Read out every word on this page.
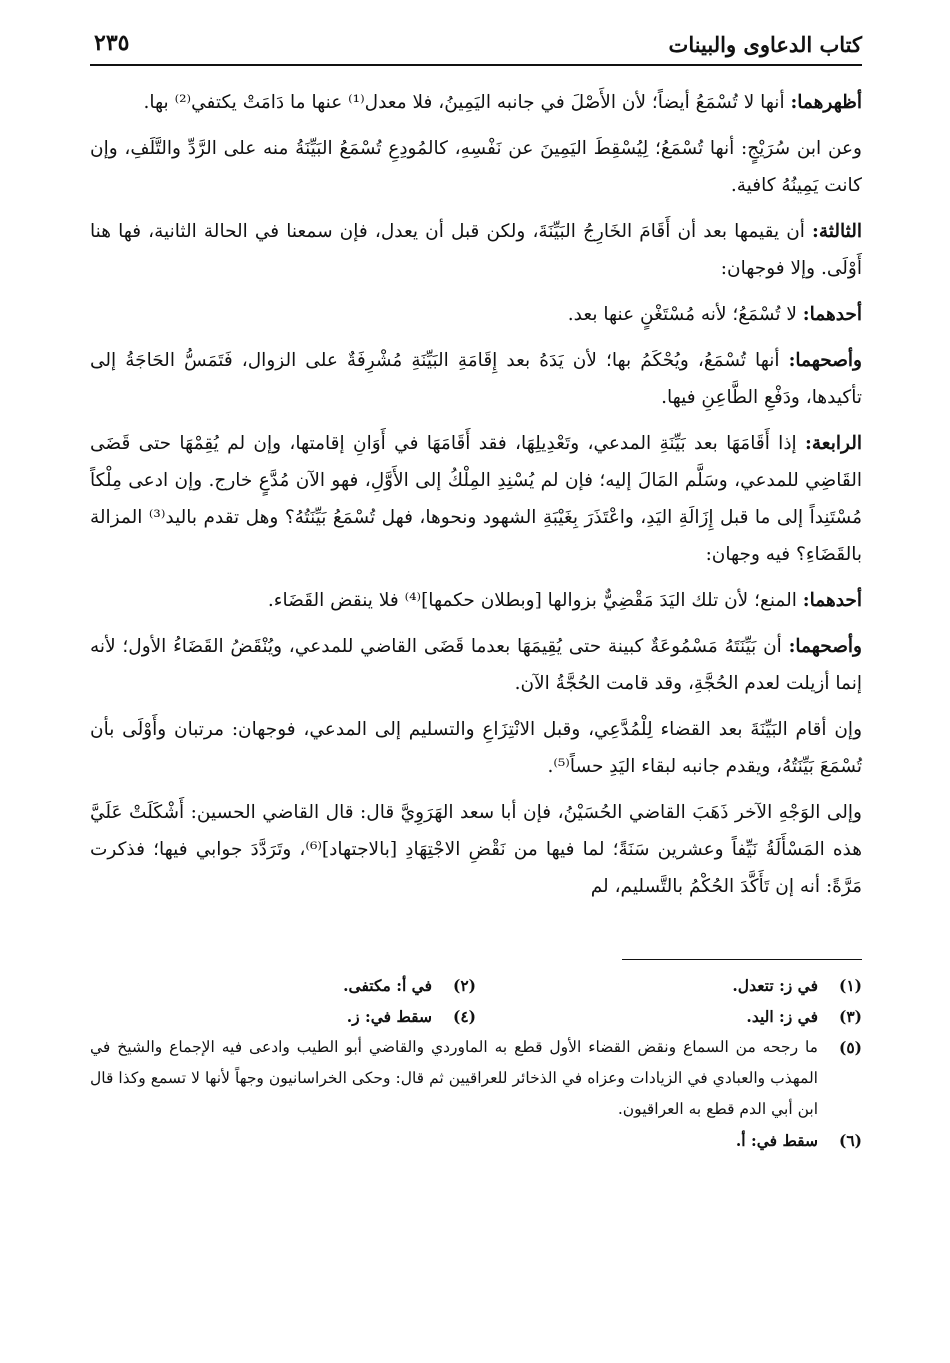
كتاب الدعاوى والبينات
٢٣٥

أظهرهما: أنها لا تُسْمَعُ أيضاً؛ لأن الأَصْلَ في جانبه اليَمِينُ، فلا معدل⁽¹⁾ عنها ما دَامَتْ يكتفي⁽²⁾ بها.

وعن ابن سُرَيْجٍ: أنها تُسْمَعُ؛ لِيُسْقِطَ اليَمِينَ عن نَفْسِهِ، كالمُودِعِ تُسْمَعُ البَيِّنَةُ منه على الرَّدِّ والتَّلَفِ، وإن كانت يَمِينُهُ كافية.

الثالثة: أن يقيمها بعد أن أَقَامَ الخَارِجُ البَيِّنَةَ، ولكن قبل أن يعدل، فإن سمعنا في الحالة الثانية، فها هنا أَوْلَى. وإلا فوجهان:

أحدهما: لا تُسْمَعُ؛ لأنه مُسْتَغْنٍ عنها بعد.

وأصحهما: أنها تُسْمَعُ، ويُحْكَمُ بها؛ لأن يَدَهُ بعد إِقَامَةِ البَيِّنَةِ مُشْرِفَةٌ على الزوال، فَتَمَسُّ الحَاجَةُ إلى تأكيدها، ودَفْعِ الطَّاعِنِ فيها.

الرابعة: إذا أَقَامَهَا بعد بَيِّنَةِ المدعي، وتَعْدِيلِهَا، فقد أَقَامَهَا في أَوَانِ إقامتها، وإن لم يُقِمْهَا حتى قَضَى القَاضِي للمدعي، وسَلَّم المَالَ إليه؛ فإن لم يُسْنِدِ المِلْكُ إلى الأَوَّلِ، فهو الآن مُدَّعٍ خارج. وإن ادعى مِلْكاً مُسْتَنِداً إلى ما قبل إِزَالَةِ اليَدِ، واعْتَذَرَ بِغَيْبَةِ الشهود ونحوها، فهل تُسْمَعُ بَيِّنَتُهُ؟ وهل تقدم باليد⁽³⁾ المزالة بالقَضَاءِ؟ فيه وجهان:

أحدهما: المنع؛ لأن تلك اليَدَ مَقْضِيٌّ بزوالها [وبطلان حكمها]⁽⁴⁾ فلا ينقض القَضَاء.

وأصحهما: أن بَيِّنَتَهُ مَسْمُوعَةٌ كبينة حتى يُقِيمَهَا بعدما قَضَى القاضي للمدعي، ويُنْقَضُ القَضَاءُ الأول؛ لأنه إنما أزيلت لعدم الحُجَّةِ، وقد قامت الحُجَّةُ الآن.

وإن أقام البَيِّنَةَ بعد القضاء لِلْمُدَّعِي، وقبل الانْتِزَاعِ والتسليم إلى المدعي، فوجهان: مرتبان وأَوْلَى بأن تُسْمَعَ بَيِّنَتُهُ، ويقدم جانبه لبقاء اليَدِ حساً⁽⁵⁾.

وإلى الوَجْهِ الآخر ذَهَبَ القاضي الحُسَيْنُ، فإن أبا سعد الهَرَوِيَّ قال: قال القاضي الحسين: أَشْكَلَتْ عَلَيَّ هذه المَسْأَلَةُ نَيِّفاً وعشرين سَنَةً؛ لما فيها من نَقْضِ الاجْتِهَادِ [بالاجتهاد]⁽⁶⁾، وتَرَدَّدَ جوابي فيها؛ فذكرت مَرَّةً: أنه إن تَأَكَّدَ الحُكْمُ بالتَّسليم، لم

(١)
في ز: تتعدل.
(٢)
في أ: مكتفى.
(٣)
في ز: اليد.
(٤)
سقط في: ز.
(٥)
ما رجحه من السماع ونقض القضاء الأول قطع به الماوردي والقاضي أبو الطيب وادعى فيه الإجماع والشيخ في المهذب والعبادي في الزيادات وعزاه في الذخائر للعراقيين ثم قال: وحكى الخراسانيون وجهاً لأنها لا تسمع وكذا قال ابن أبي الدم قطع به العراقيون.
(٦)
سقط في: أ.
